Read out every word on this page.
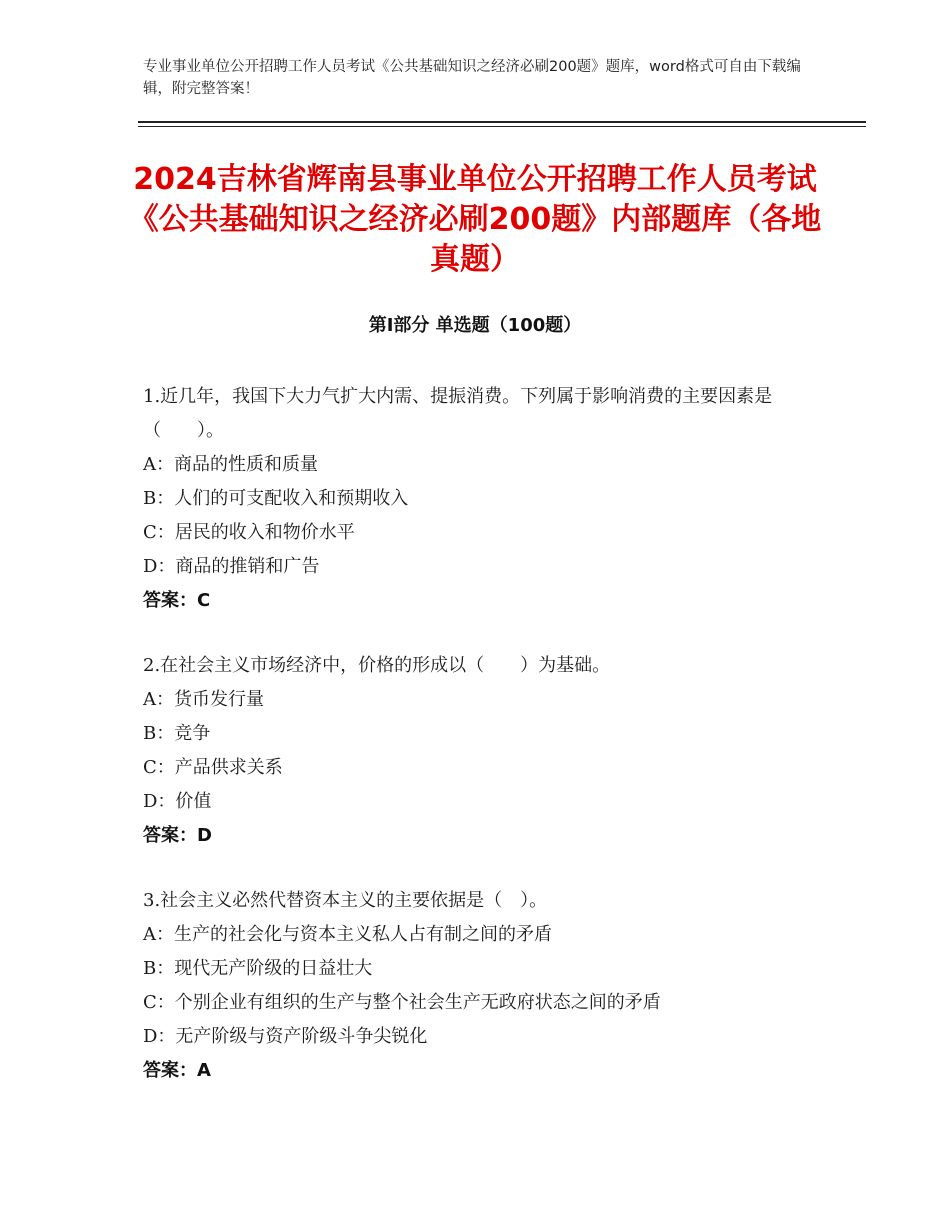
专业事业单位公开招聘工作人员考试《公共基础知识之经济必刷200题》题库，word格式可自由下载编辑，附完整答案！
2024吉林省辉南县事业单位公开招聘工作人员考试《公共基础知识之经济必刷200题》内部题库（各地真题）
第I部分 单选题（100题）
1.近几年，我国下大力气扩大内需、提振消费。下列属于影响消费的主要因素是（　　）。
A：商品的性质和质量
B：人们的可支配收入和预期收入
C：居民的收入和物价水平
D：商品的推销和广告
答案：C
2.在社会主义市场经济中，价格的形成以（　　）为基础。
A：货币发行量
B：竞争
C：产品供求关系
D：价值
答案：D
3.社会主义必然代替资本主义的主要依据是（　）。
A：生产的社会化与资本主义私人占有制之间的矛盾
B：现代无产阶级的日益壮大
C：个别企业有组织的生产与整个社会生产无政府状态之间的矛盾
D：无产阶级与资产阶级斗争尖锐化
答案：A
